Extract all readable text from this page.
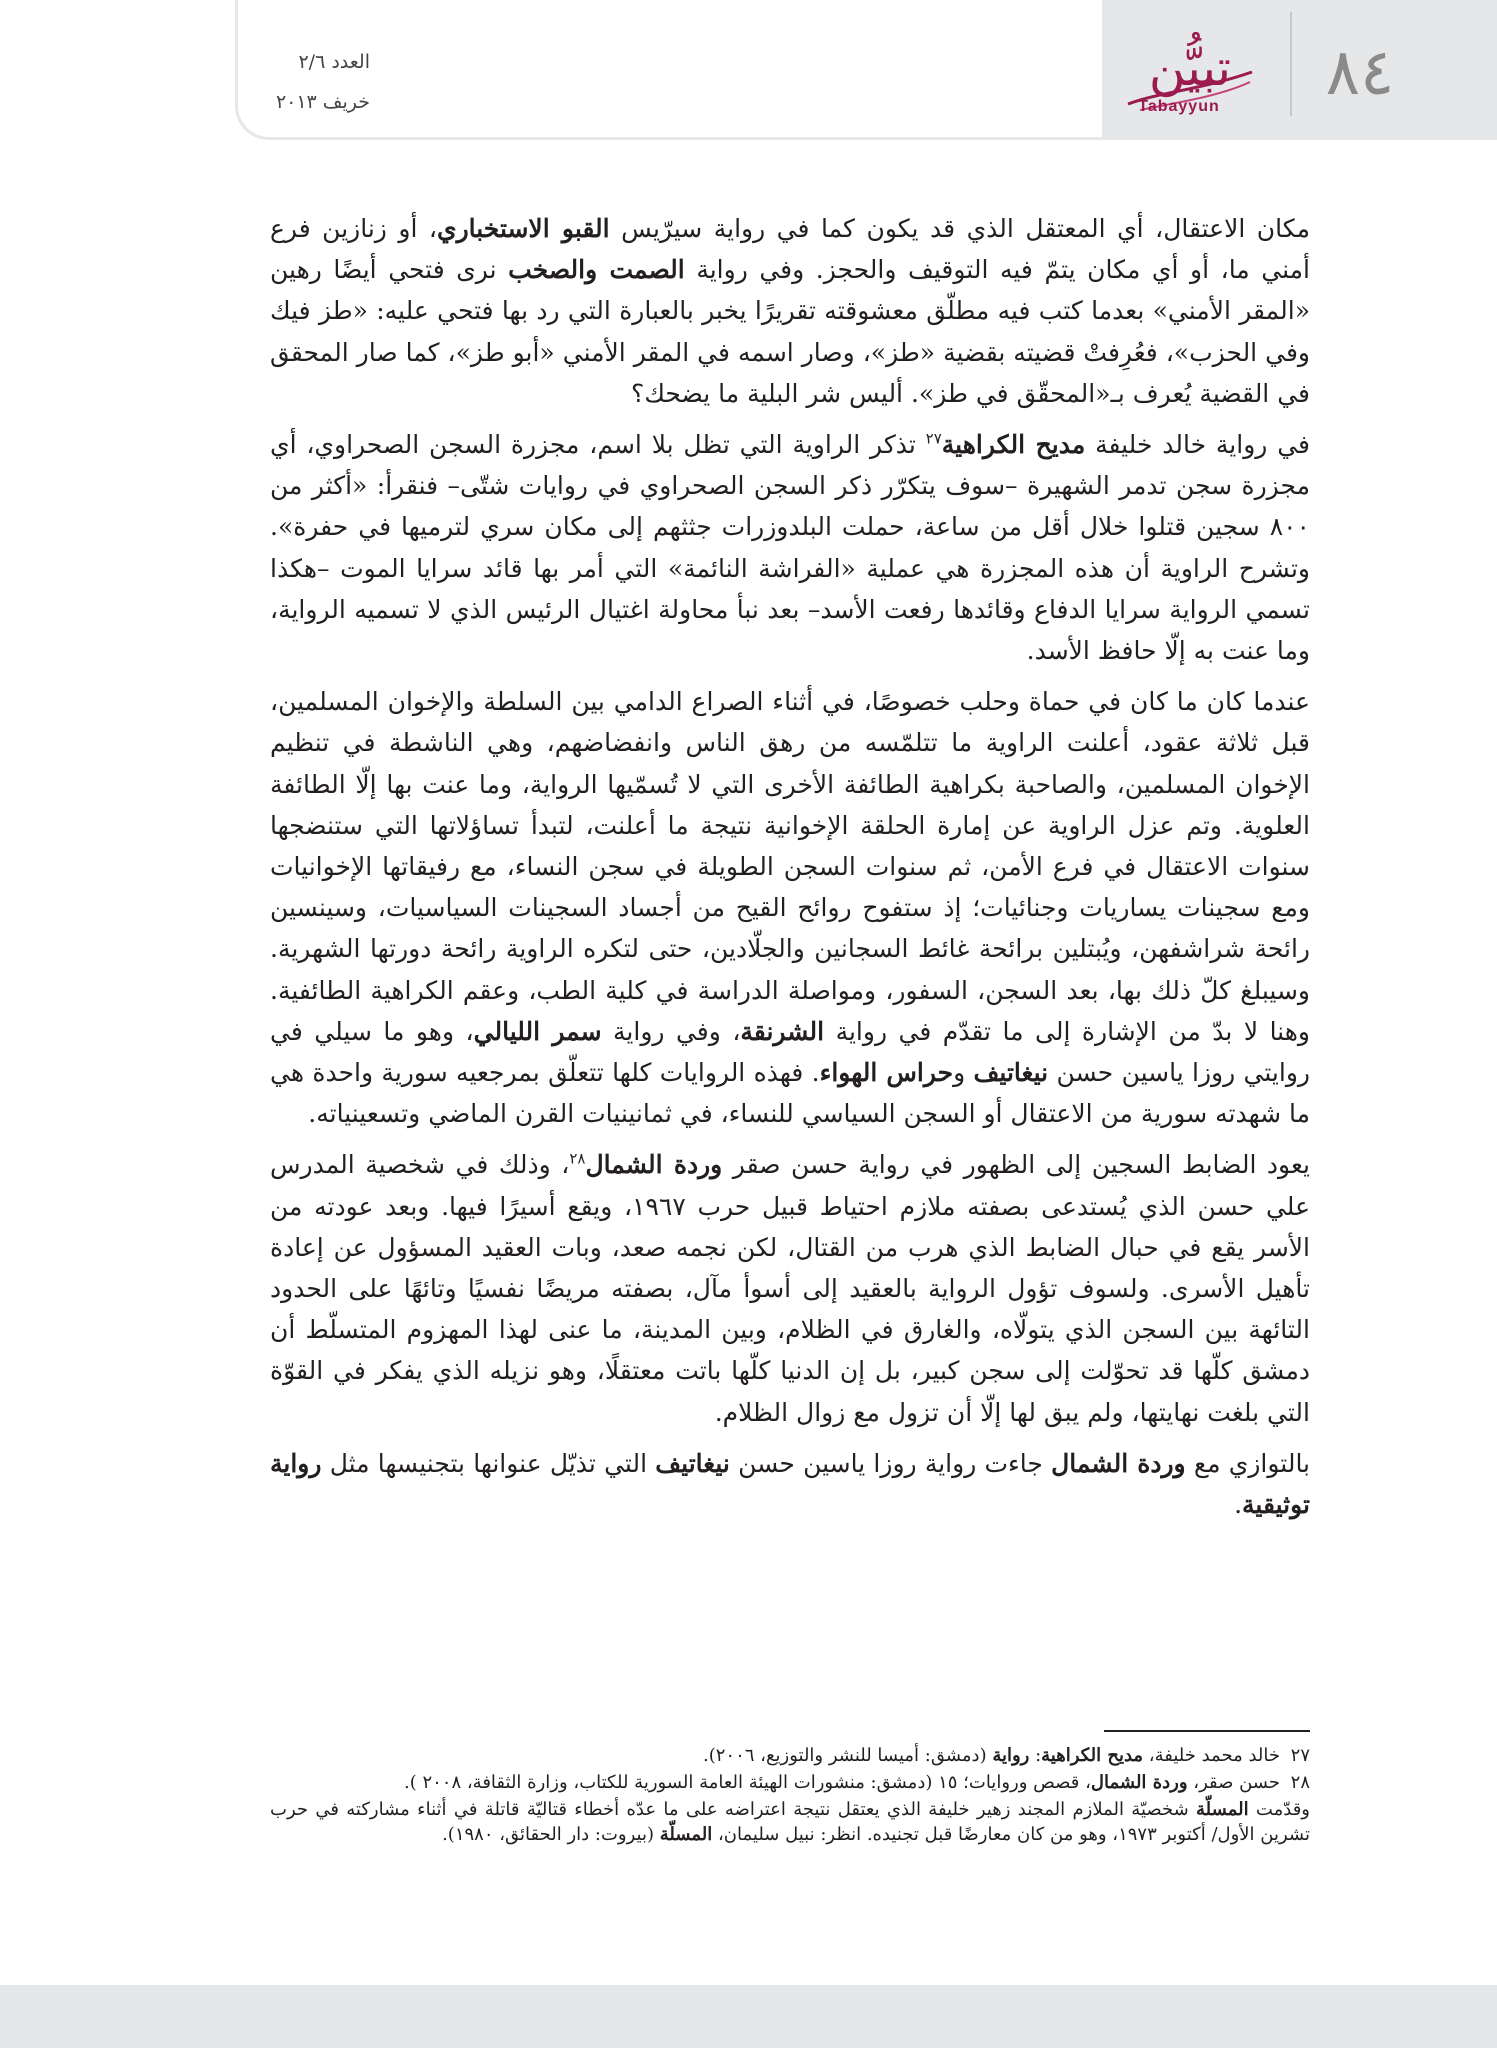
العدد ٢/٦
خريف ٢٠١٣
تبيُّن
Tabayyun	٨٤

مكان الاعتقال، أي المعتقل الذي قد يكون كما في رواية سيرّيس القبو الاستخباري، أو زنازين فرع أمني ما، أو أي مكان يتمّ فيه التوقيف والحجز. وفي رواية الصمت والصخب نرى فتحي أيضًا رهين «المقر الأمني» بعدما كتب فيه مطلّق معشوقته تقريرًا يخبر بالعبارة التي رد بها فتحي عليه: «طز فيك وفي الحزب»، فعُرِفتْ قضيته بقضية «طز»، وصار اسمه في المقر الأمني «أبو طز»، كما صار المحقق في القضية يُعرف بـ«المحقّق في طز». أليس شر البلية ما يضحك؟

في رواية خالد خليفة مديح الكراهية$^{٢٧}$ تذكر الراوية التي تظل بلا اسم، مجزرة السجن الصحراوي، أي مجزرة سجن تدمر الشهيرة –سوف يتكرّر ذكر السجن الصحراوي في روايات شتّى– فنقرأ: «أكثر من ٨٠٠ سجين قتلوا خلال أقل من ساعة، حملت البلدوزرات جثثهم إلى مكان سري لترميها في حفرة». وتشرح الراوية أن هذه المجزرة هي عملية «الفراشة النائمة» التي أمر بها قائد سرايا الموت –هكذا تسمي الرواية سرايا الدفاع وقائدها رفعت الأسد– بعد نبأ محاولة اغتيال الرئيس الذي لا تسميه الرواية، وما عنت به إلّا حافظ الأسد.

عندما كان ما كان في حماة وحلب خصوصًا، في أثناء الصراع الدامي بين السلطة والإخوان المسلمين، قبل ثلاثة عقود، أعلنت الراوية ما تتلمّسه من رهق الناس وانفضاضهم، وهي الناشطة في تنظيم الإخوان المسلمين، والصاحبة بكراهية الطائفة الأخرى التي لا تُسمّيها الرواية، وما عنت بها إلّا الطائفة العلوية. وتم عزل الراوية عن إمارة الحلقة الإخوانية نتيجة ما أعلنت، لتبدأ تساؤلاتها التي ستنضجها سنوات الاعتقال في فرع الأمن، ثم سنوات السجن الطويلة في سجن النساء، مع رفيقاتها الإخوانيات ومع سجينات يساريات وجنائيات؛ إذ ستفوح روائح القيح من أجساد السجينات السياسيات، وسينسين رائحة شراشفهن، ويُبتلين برائحة غائط السجانين والجلّادين، حتى لتكره الراوية رائحة دورتها الشهرية. وسيبلغ كلّ ذلك بها، بعد السجن، السفور، ومواصلة الدراسة في كلية الطب، وعقم الكراهية الطائفية. وهنا لا بدّ من الإشارة إلى ما تقدّم في رواية الشرنقة، وفي رواية سمر الليالي، وهو ما سيلي في روايتي روزا ياسين حسن نيغاتيف وحراس الهواء. فهذه الروايات كلها تتعلّق بمرجعيه سورية واحدة هي ما شهدته سورية من الاعتقال أو السجن السياسي للنساء، في ثمانينيات القرن الماضي وتسعينياته.

يعود الضابط السجين إلى الظهور في رواية حسن صقر وردة الشمال$^{٢٨}$، وذلك في شخصية المدرس علي حسن الذي يُستدعى بصفته ملازم احتياط قبيل حرب ١٩٦٧، ويقع أسيرًا فيها. وبعد عودته من الأسر يقع في حبال الضابط الذي هرب من القتال، لكن نجمه صعد، وبات العقيد المسؤول عن إعادة تأهيل الأسرى. ولسوف تؤول الرواية بالعقيد إلى أسوأ مآل، بصفته مريضًا نفسيًا وتائهًا على الحدود التائهة بين السجن الذي يتولّاه، والغارق في الظلام، وبين المدينة، ما عنى لهذا المهزوم المتسلّط أن دمشق كلّها قد تحوّلت إلى سجن كبير، بل إن الدنيا كلّها باتت معتقلًا، وهو نزيله الذي يفكر في القوّة التي بلغت نهايتها، ولم يبق لها إلّا أن تزول مع زوال الظلام.

بالتوازي مع وردة الشمال جاءت رواية روزا ياسين حسن نيغاتيف التي تذيّل عنوانها بتجنيسها مثل رواية توثيقية.

٢٧خالد محمد خليفة، مديح الكراهية: رواية (دمشق: أميسا للنشر والتوزيع، ٢٠٠٦).

٢٨حسن صقر، وردة الشمال، قصص وروايات؛ ١٥ (دمشق: منشورات الهيئة العامة السورية للكتاب، وزارة الثقافة، ٢٠٠٨ ).

وقدّمت المسلّة شخصيّة الملازم المجند زهير خليفة الذي يعتقل نتيجة اعتراضه على ما عدّه أخطاء قتاليّة قاتلة في أثناء مشاركته في حرب تشرين الأول/ أكتوبر ١٩٧٣، وهو من كان معارضًا قبل تجنيده. انظر: نبيل سليمان، المسلّة (بيروت: دار الحقائق، ١٩٨٠).
